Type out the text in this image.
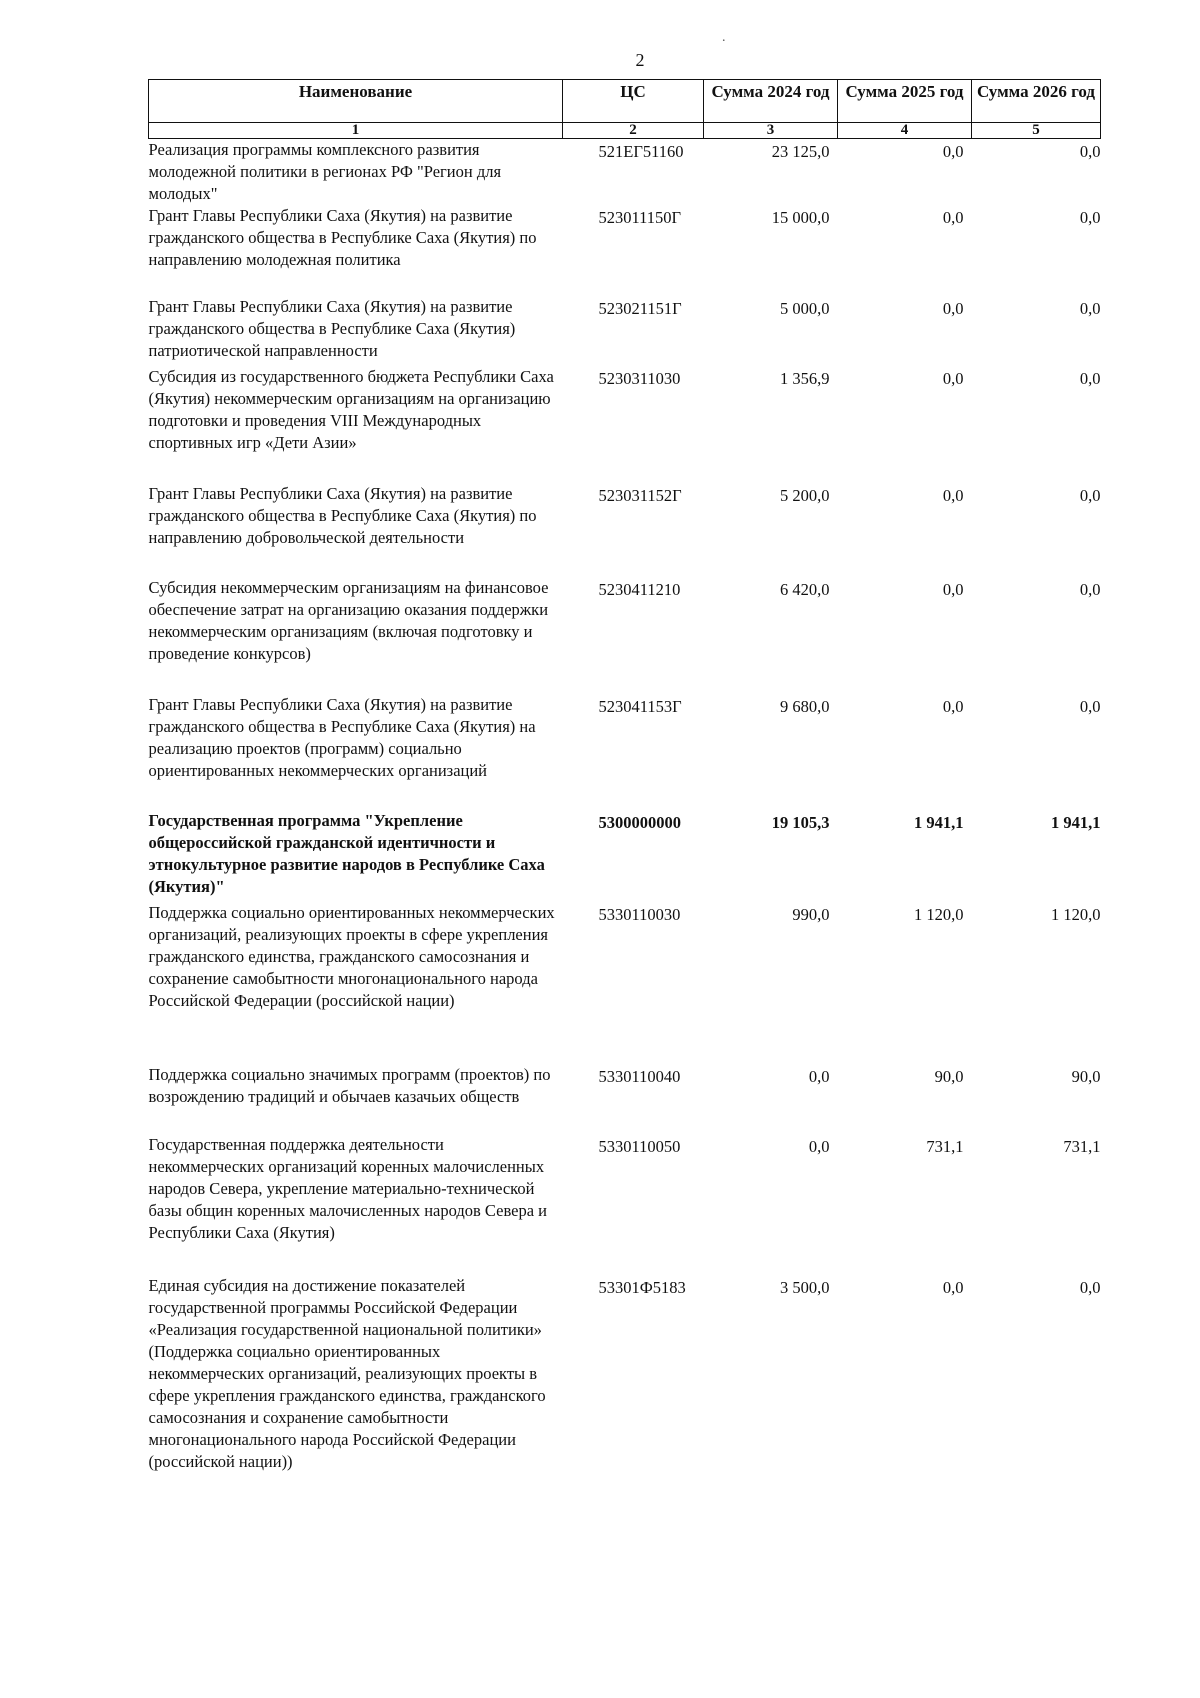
2
.
Наименование	ЦС	Сумма 2024 год	Сумма 2025 год	Сумма 2026 год
1	2	3	4	5
Реализация программы комплексного развития молодежной политики в регионах РФ "Регион для молодых"	521ЕГ51160	23 125,0	0,0	0,0
Грант Главы Республики Саха (Якутия) на развитие гражданского общества в Республике Саха (Якутия) по направлению молодежная политика	523011150Г	15 000,0	0,0	0,0
Грант Главы Республики Саха (Якутия) на развитие гражданского общества в Республике Саха (Якутия) патриотической направленности	523021151Г	5 000,0	0,0	0,0
Субсидия из государственного бюджета Республики Саха (Якутия) некоммерческим организациям на организацию подготовки и проведения VIII Международных спортивных игр «Дети Азии»	5230311030	1 356,9	0,0	0,0
Грант Главы Республики Саха (Якутия) на развитие гражданского общества в Республике Саха (Якутия) по направлению добровольческой деятельности	523031152Г	5 200,0	0,0	0,0
Субсидия некоммерческим организациям на финансовое обеспечение затрат на организацию оказания поддержки некоммерческим организациям (включая подготовку и проведение конкурсов)	5230411210	6 420,0	0,0	0,0
Грант Главы Республики Саха (Якутия) на развитие гражданского общества в Республике Саха (Якутия) на реализацию проектов (программ) социально ориентированных некоммерческих организаций	523041153Г	9 680,0	0,0	0,0
Государственная программа "Укрепление общероссийской гражданской идентичности и этнокультурное развитие народов в Республике Саха (Якутия)"	5300000000	19 105,3	1 941,1	1 941,1
Поддержка социально ориентированных некоммерческих организаций, реализующих проекты в сфере укрепления гражданского единства, гражданского самосознания и сохранение самобытности многонационального народа Российской Федерации (российской нации)	5330110030	990,0	1 120,0	1 120,0
Поддержка социально значимых программ (проектов) по возрождению традиций и обычаев казачьих обществ	5330110040	0,0	90,0	90,0
Государственная поддержка деятельности некоммерческих организаций коренных малочисленных народов Севера, укрепление материально-технической базы общин коренных малочисленных народов Севера и Республики Саха (Якутия)	5330110050	0,0	731,1	731,1
Единая субсидия на достижение показателей государственной программы Российской Федерации «Реализация государственной национальной политики» (Поддержка социально ориентированных некоммерческих организаций, реализующих проекты в сфере укрепления гражданского единства, гражданского самосознания и сохранение самобытности многонационального народа Российской Федерации (российской нации))	53301Ф5183	3 500,0	0,0	0,0
